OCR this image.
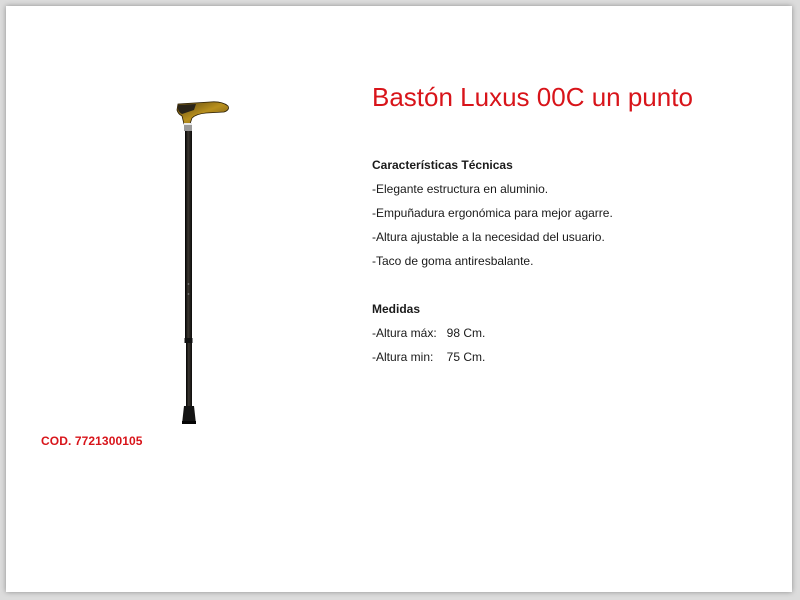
COD. 7721300105
Bastón Luxus 00C un punto
Características Técnicas
-Elegante estructura en aluminio.
-Empuñadura ergonómica para mejor agarre.
-Altura ajustable a la necesidad del usuario.
-Taco de goma antiresbalante.
Medidas
-Altura máx:   98 Cm.
-Altura min:    75 Cm.
